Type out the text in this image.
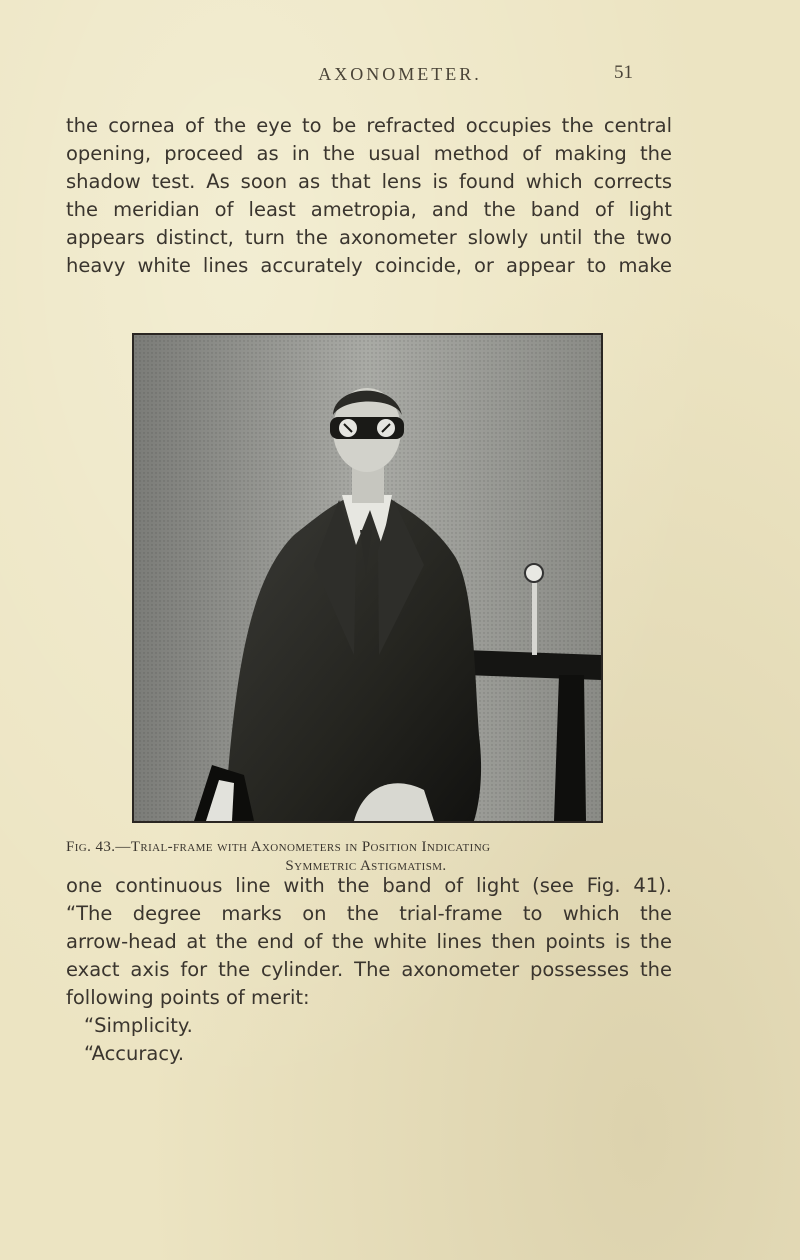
AXONOMETER.	51
the cornea of the eye to be refracted occupies the central
opening, proceed as in the usual method of making the
shadow test. As soon as that lens is found which corrects
the meridian of least ametropia, and the band of light
appears distinct, turn the axonometer slowly until the two
heavy white lines accurately coincide, or appear to make
Fig. 43.—Trial-frame with Axonometers in Position Indicating
Symmetric Astigmatism.
one continuous line with the band of light (see Fig. 41).
“The degree marks on the trial-frame to which the
arrow-head at the end of the white lines then points is the
exact axis for the cylinder. The axonometer possesses the
following points of merit:
“Simplicity.
“Accuracy.
